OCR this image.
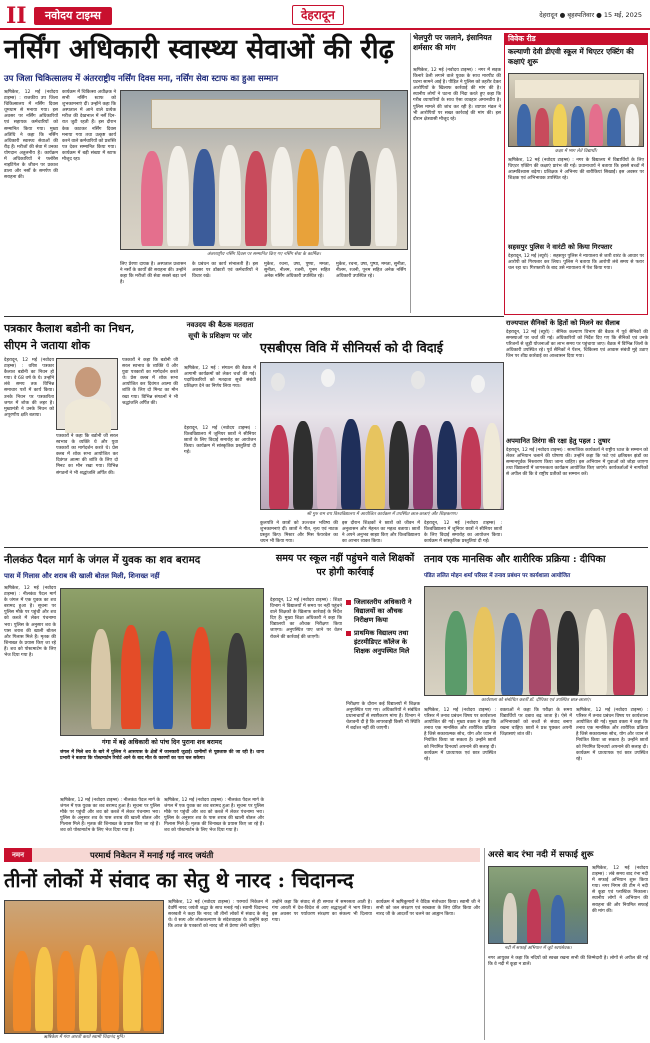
II	नवोदय टाइम्स	देहरादून	देहरादून ● बृहस्पतिवार ● 15 मई, 2025
नर्सिंग अधिकारी स्वास्थ्य सेवाओं की रीढ़
उप जिला चिकित्सालय में अंतरराष्ट्रीय नर्सिंग दिवस मना, नर्सिंग सेवा स्टाफ का हुआ सम्मान
ऋषिकेश, 12 मई (नवोदय टाइम्स) : राजकीय उप जिला चिकित्सालय में नर्सिंग दिवस धूमधाम से मनाया गया। इस अवसर पर नर्सिंग अधिकारियों एवं सहायक कर्मचारियों को सम्मानित किया गया। मुख्य अतिथि ने कहा कि नर्सिंग अधिकारी स्वास्थ्य सेवाओं की रीढ़ हैं। मरीजों की सेवा में उनका योगदान अतुलनीय है। कार्यक्रम में अधिकारियों ने फ्लोरेंस नाइटिंगेल के जीवन पर प्रकाश डाला और नर्सों के समर्पण की सराहना की।
कार्यक्रम में चिकित्सा अधीक्षक ने सभी नर्सिंग स्टाफ को शुभकामनाएं दीं। उन्होंने कहा कि अस्पताल में आने वाले प्रत्येक मरीज की देखभाल में नर्सें दिन-रात जुटी रहती हैं। इस दौरान केक काटकर नर्सिंग दिवस मनाया गया तथा उत्कृष्ट कार्य करने वाले कर्मचारियों को प्रशस्ति पत्र देकर सम्मानित किया गया। कार्यक्रम में बड़ी संख्या में स्टाफ मौजूद रहा।
अंतरराष्ट्रीय नर्सिंग दिवस पर सम्मानित किए गए नर्सिंग सेवा के कार्मिक।
लिए प्रेरणा दायक है। अस्पताल प्रशासन ने नर्सों के कार्यों की सराहना की। उन्होंने कहा कि मरीजों की सेवा सबसे बड़ा धर्म है।
के प्रबंधन का कार्य संभालती हैं। इस अवसर पर डॉक्टरों एवं कर्मचारियों ने विचार रखे।
मुकेश, रचना, उषा, पुष्पा, ममता, सुनीता, नीलम, रजनी, पूनम सहित अनेक नर्सिंग अधिकारी उपस्थित रहे।
मुकेश, रचना, उषा, पुष्पा, ममता, सुनीता, नीलम, रजनी, पूनम सहित अनेक नर्सिंग अधिकारी उपस्थित रहे।
भेलपुरी पर जलाने, इंसानियत शर्मसार की मांग
ऋषिकेश, 12 मई (नवोदय टाइम्स) : नगर में सड़क किनारे ठेली लगाने वाले युवक के साथ मारपीट की घटना सामने आई है। पीड़ित ने पुलिस को तहरीर देकर आरोपियों के खिलाफ कार्रवाई की मांग की है। स्थानीय लोगों ने घटना की निंदा करते हुए कहा कि गरीब व्यापारियों के साथ ऐसा व्यवहार अमानवीय है। पुलिस मामले की जांच कर रही है। व्यापार मंडल ने भी आरोपियों पर सख्त कार्रवाई की मांग की। इस दौरान क्षेत्रवासी मौजूद रहे।
विवेक रीड
कल्याणी देवी डीएवी स्कूल में थिएटर एक्टिंग की कक्षाएं शुरू
कक्षा में भाग लेते विद्यार्थी।
ऋषिकेश, 12 मई (नवोदय टाइम्स) : नगर के विद्यालय में विद्यार्थियों के लिए थिएटर एक्टिंग की कक्षाएं प्रारंभ की गईं। प्रधानाचार्य ने बताया कि इससे बच्चों में आत्मविश्वास बढ़ेगा। प्रशिक्षक ने अभिनय की बारीकियां सिखाईं। इस अवसर पर शिक्षक एवं अभिभावक उपस्थित रहे।
सहसपुर पुलिस ने वारंटी को किया गिरफ्तार
देहरादून, 12 मई (ब्यूरो) : सहसपुर पुलिस ने न्यायालय से जारी वारंट के आधार पर आरोपी को गिरफ्तार कर लिया। पुलिस ने बताया कि आरोपी लंबे समय से फरार चल रहा था। गिरफ्तारी के बाद उसे न्यायालय में पेश किया गया।
राज्यपाल सैनिकों के हितों को मिलने का सैलाब
देहरादून, 12 मई (ब्यूरो) : सैनिक कल्याण विभाग की बैठक में पूर्व सैनिकों की समस्याओं पर चर्चा की गई। अधिकारियों को निर्देश दिए गए कि सैनिकों एवं उनके परिजनों से जुड़ी योजनाओं का लाभ समय पर पहुंचाया जाए। बैठक में विभिन्न जिलों के अधिकारी उपस्थित रहे। पूर्व सैनिकों ने पेंशन, चिकित्सा एवं आवास संबंधी मुद्दे उठाए जिन पर शीघ्र कार्रवाई का आश्वासन दिया गया।
अपमानित तिरंगा की रक्षा हेतु पहल : तुषार
देहरादून, 12 मई (नवोदय टाइम्स) : सामाजिक कार्यकर्ता ने राष्ट्रीय ध्वज के सम्मान को लेकर अभियान चलाने की घोषणा की। उन्होंने कहा कि फटे एवं क्षतिग्रस्त झंडों का सम्मानपूर्वक निस्तारण किया जाना चाहिए। इस अभियान में युवाओं को जोड़ा जाएगा तथा विद्यालयों में जागरूकता कार्यक्रम आयोजित किए जाएंगे। कार्यकर्ताओं ने नागरिकों से अपील की कि वे राष्ट्रीय प्रतीकों का सम्मान करें।
पत्रकार कैलाश बडोनी का निधन, सीएम ने जताया शोक
देहरादून, 12 मई (नवोदय टाइम्स) : वरिष्ठ पत्रकार कैलाश बडोनी का निधन हो गया। वे 68 वर्ष के थे। उन्होंने लंबे समय तक विभिन्न समाचार पत्रों में कार्य किया। उनके निधन पर पत्रकारिता जगत में शोक की लहर है। मुख्यमंत्री ने उनके निधन को अपूरणीय क्षति बताया।
पत्रकारों ने कहा कि बडोनी जी सरल स्वभाव के व्यक्ति थे और युवा पत्रकारों का मार्गदर्शन करते थे। प्रेस क्लब में शोक सभा आयोजित कर दिवंगत आत्मा की शांति के लिए दो मिनट का मौन रखा गया। विभिन्न संगठनों ने भी श्रद्धांजलि अर्पित की।
पत्रकारों ने कहा कि बडोनी जी सरल स्वभाव के व्यक्ति थे और युवा पत्रकारों का मार्गदर्शन करते थे। प्रेस क्लब में शोक सभा आयोजित कर दिवंगत आत्मा की शांति के लिए दो मिनट का मौन रखा गया। विभिन्न संगठनों ने भी श्रद्धांजलि अर्पित की।
नवउदय की बैठक मतदाता सूची के प्रशिक्षण पर जोर
ऋषिकेश, 12 मई : संगठन की बैठक में आगामी कार्यक्रमों को लेकर चर्चा की गई। पदाधिकारियों को मतदाता सूची संबंधी प्रशिक्षण देने का निर्णय लिया गया।
एसबीएस विवि में सीनियर्स को दी विदाई
श्री गुरु राम राय विश्वविद्यालय में आयोजित कार्यक्रम में उपस्थित छात्र-छात्राएं और शिक्षकगण।
देहरादून, 12 मई (नवोदय टाइम्स) : विश्वविद्यालय में जूनियर छात्रों ने सीनियर छात्रों के लिए विदाई समारोह का आयोजन किया। कार्यक्रम में सांस्कृतिक प्रस्तुतियां दी गईं।
कुलपति ने छात्रों को उज्ज्वल भविष्य की शुभकामनाएं दीं। छात्रों ने गीत, नृत्य एवं नाटक प्रस्तुत किए। मिस्टर और मिस फेयरवेल का चयन भी किया गया।
इस दौरान शिक्षकों ने छात्रों को जीवन में अनुशासन और मेहनत का महत्व बताया। छात्रों ने अपने अनुभव साझा किए और विश्वविद्यालय का आभार व्यक्त किया।
देहरादून, 12 मई (नवोदय टाइम्स) : विश्वविद्यालय में जूनियर छात्रों ने सीनियर छात्रों के लिए विदाई समारोह का आयोजन किया। कार्यक्रम में सांस्कृतिक प्रस्तुतियां दी गईं।
नीलकंठ पैदल मार्ग के जंगल में युवक का शव बरामद
पास में गिलास और शराब की खाली बोतल मिली, शिनाख्त नहीं
ऋषिकेश, 12 मई (नवोदय टाइम्स) : नीलकंठ पैदल मार्ग के जंगल में एक युवक का शव बरामद हुआ है। सूचना पर पुलिस मौके पर पहुंची और शव को कब्जे में लेकर पंचनामा भरा। पुलिस के अनुसार शव के पास शराब की खाली बोतल और गिलास मिले हैं। मृतक की शिनाख्त के प्रयास किए जा रहे हैं। शव को पोस्टमार्टम के लिए भेज दिया गया है।
गंगा में बहे अधिकारी को पांच दिन पुराना शव बरामद
जंगल में मिले शव के बारे में पुलिस ने आसपास के क्षेत्रों में जानकारी जुटाई। ग्रामीणों से पूछताछ की जा रही है। थाना प्रभारी ने बताया कि पोस्टमार्टम रिपोर्ट आने के बाद मौत के कारणों का पता चल सकेगा।
ऋषिकेश, 12 मई (नवोदय टाइम्स) : नीलकंठ पैदल मार्ग के जंगल में एक युवक का शव बरामद हुआ है। सूचना पर पुलिस मौके पर पहुंची और शव को कब्जे में लेकर पंचनामा भरा। पुलिस के अनुसार शव के पास शराब की खाली बोतल और गिलास मिले हैं। मृतक की शिनाख्त के प्रयास किए जा रहे हैं। शव को पोस्टमार्टम के लिए भेज दिया गया है।
ऋषिकेश, 12 मई (नवोदय टाइम्स) : नीलकंठ पैदल मार्ग के जंगल में एक युवक का शव बरामद हुआ है। सूचना पर पुलिस मौके पर पहुंची और शव को कब्जे में लेकर पंचनामा भरा। पुलिस के अनुसार शव के पास शराब की खाली बोतल और गिलास मिले हैं। मृतक की शिनाख्त के प्रयास किए जा रहे हैं। शव को पोस्टमार्टम के लिए भेज दिया गया है।
समय पर स्कूल नहीं पहुंचने वाले शिक्षकों पर होगी कार्रवाई
देहरादून, 12 मई (नवोदय टाइम्स) : शिक्षा विभाग ने विद्यालयों में समय पर नहीं पहुंचने वाले शिक्षकों के खिलाफ कार्रवाई के निर्देश दिए हैं। मुख्य शिक्षा अधिकारी ने कहा कि विद्यालयों का औचक निरीक्षण किया जाएगा। अनुपस्थित पाए जाने पर वेतन रोकने की कार्रवाई की जाएगी।
जिलास्तरीय अधिकारी ने विद्यालयों का औचक निरीक्षण किया
प्राथमिक विद्यालय तथा इंटरमीडिएट कॉलेज के शिक्षक अनुपस्थित मिले
निरीक्षण के दौरान कई विद्यालयों में शिक्षक अनुपस्थित पाए गए। अधिकारियों ने संबंधित प्रधानाचार्यों से स्पष्टीकरण मांगा है। विभाग ने चेतावनी दी है कि लापरवाही किसी भी स्थिति में बर्दाश्त नहीं की जाएगी।
तनाव एक मानसिक और शारीरिक प्रक्रिया : दीपिका
पंडित ललित मोहन शर्मा परिसर में तनाव प्रबंधन पर कार्यशाला आयोजित
कार्यशाला को संबोधित करतीं डॉ. दीपिका एवं उपस्थित छात्र-छात्राएं।
ऋषिकेश, 12 मई (नवोदय टाइम्स) : परिसर में तनाव प्रबंधन विषय पर कार्यशाला आयोजित की गई। मुख्य वक्ता ने कहा कि तनाव एक मानसिक और शारीरिक प्रक्रिया है जिसे सकारात्मक सोच, योग और ध्यान से नियंत्रित किया जा सकता है। उन्होंने छात्रों को नियमित दिनचर्या अपनाने की सलाह दी। कार्यक्रम में प्राध्यापक एवं छात्र उपस्थित रहे।
वक्ताओं ने कहा कि परीक्षा के समय विद्यार्थियों पर दबाव बढ़ जाता है। ऐसे में अभिभावकों को बच्चों से संवाद बनाए रखना चाहिए। छात्रों ने प्रश्न पूछकर अपनी जिज्ञासाएं शांत कीं।
ऋषिकेश, 12 मई (नवोदय टाइम्स) : परिसर में तनाव प्रबंधन विषय पर कार्यशाला आयोजित की गई। मुख्य वक्ता ने कहा कि तनाव एक मानसिक और शारीरिक प्रक्रिया है जिसे सकारात्मक सोच, योग और ध्यान से नियंत्रित किया जा सकता है। उन्होंने छात्रों को नियमित दिनचर्या अपनाने की सलाह दी। कार्यक्रम में प्राध्यापक एवं छात्र उपस्थित रहे।
नमन	परमार्थ निकेतन में मनाई गई नारद जयंती
तीनों लोकों में संवाद का सेतु थे नारद : चिदानन्द
ऋषिकेश में गंगा आरती करते स्वामी चिदानंद मुनि।
ऋषिकेश, 12 मई (नवोदय टाइम्स) : परमार्थ निकेतन में देवर्षि नारद जयंती श्रद्धा के साथ मनाई गई। स्वामी चिदानन्द सरस्वती ने कहा कि नारद जी तीनों लोकों में संवाद के सेतु थे। वे सत्य और लोककल्याण के संदेशवाहक थे। उन्होंने कहा कि आज के पत्रकारों को नारद जी से प्रेरणा लेनी चाहिए।
उन्होंने कहा कि संवाद से ही समाज में समरसता आती है। गंगा आरती में देश-विदेश से आए श्रद्धालुओं ने भाग लिया। इस अवसर पर पर्यावरण संरक्षण का संकल्प भी दिलाया गया।
कार्यक्रम में ऋषिकुमारों ने वैदिक मंत्रोच्चार किया। स्वामी जी ने सभी को जल संरक्षण एवं स्वच्छता के लिए प्रेरित किया और नारद जी के आदर्शों पर चलने का आह्वान किया।
अरसे बाद रंभा नदी में सफाई शुरू
नदी में सफाई अभियान में जुटे स्वयंसेवक।
ऋषिकेश, 12 मई (नवोदय टाइम्स) : लंबे समय बाद रंभा नदी में सफाई अभियान शुरू किया गया। नगर निगम की टीम ने नदी से कूड़ा एवं प्लास्टिक निकाला। स्थानीय लोगों ने अभियान की सराहना की और नियमित सफाई की मांग की।
नगर आयुक्त ने कहा कि नदियों को स्वच्छ रखना सभी की जिम्मेदारी है। लोगों से अपील की गई कि वे नदी में कूड़ा न डालें।
